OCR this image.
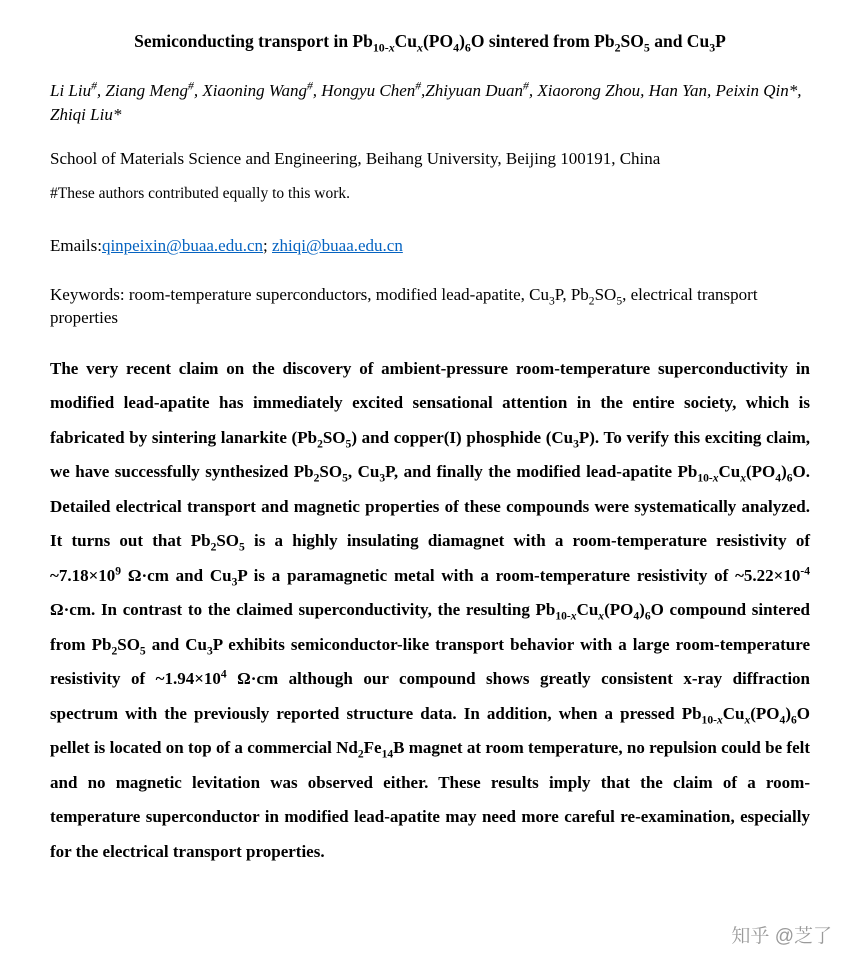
Semiconducting transport in $Pb_{10-x}Cu_x(PO_4)_6O$ sintered from $Pb_2SO_5$ and $Cu_3P$

Li Liu#, Ziang Meng#, Xiaoning Wang#, Hongyu Chen#,Zhiyuan Duan#, Xiaorong Zhou, Han Yan, Peixin Qin*, Zhiqi Liu*

School of Materials Science and Engineering, Beihang University, Beijing 100191, China

#These authors contributed equally to this work.

Emails:qinpeixin@buaa.edu.cn; zhiqi@buaa.edu.cn

Keywords: room-temperature superconductors, modified lead-apatite, $Cu_3P$, $Pb_2SO_5$, electrical transport properties

The very recent claim on the discovery of ambient-pressure room-temperature superconductivity in modified lead-apatite has immediately excited sensational attention in the entire society, which is fabricated by sintering lanarkite $(Pb_2SO_5)$ and copper(I) phosphide $(Cu_3P)$. To verify this exciting claim, we have successfully synthesized $Pb_2SO_5$, $Cu_3P$, and finally the modified lead-apatite $Pb_{10-x}Cu_x(PO_4)_6O$. Detailed electrical transport and magnetic properties of these compounds were systematically analyzed. It turns out that $Pb_2SO_5$ is a highly insulating diamagnet with a room-temperature resistivity of $\sim 7.18\times 10^9$ Ω·cm and $Cu_3P$ is a paramagnetic metal with a room-temperature resistivity of $\sim 5.22\times 10^{-4}$ Ω·cm. In contrast to the claimed superconductivity, the resulting $Pb_{10-x}Cu_x(PO_4)_6O$ compound sintered from $Pb_2SO_5$ and $Cu_3P$ exhibits semiconductor-like transport behavior with a large room-temperature resistivity of $\sim 1.94\times 10^4$ Ω·cm although our compound shows greatly consistent x-ray diffraction spectrum with the previously reported structure data. In addition, when a pressed $Pb_{10-x}Cu_x(PO_4)_6O$ pellet is located on top of a commercial $Nd_2Fe_{14}B$ magnet at room temperature, no repulsion could be felt and no magnetic levitation was observed either. These results imply that the claim of a room-temperature superconductor in modified lead-apatite may need more careful re-examination, especially for the electrical transport properties.

知乎 @芝了
